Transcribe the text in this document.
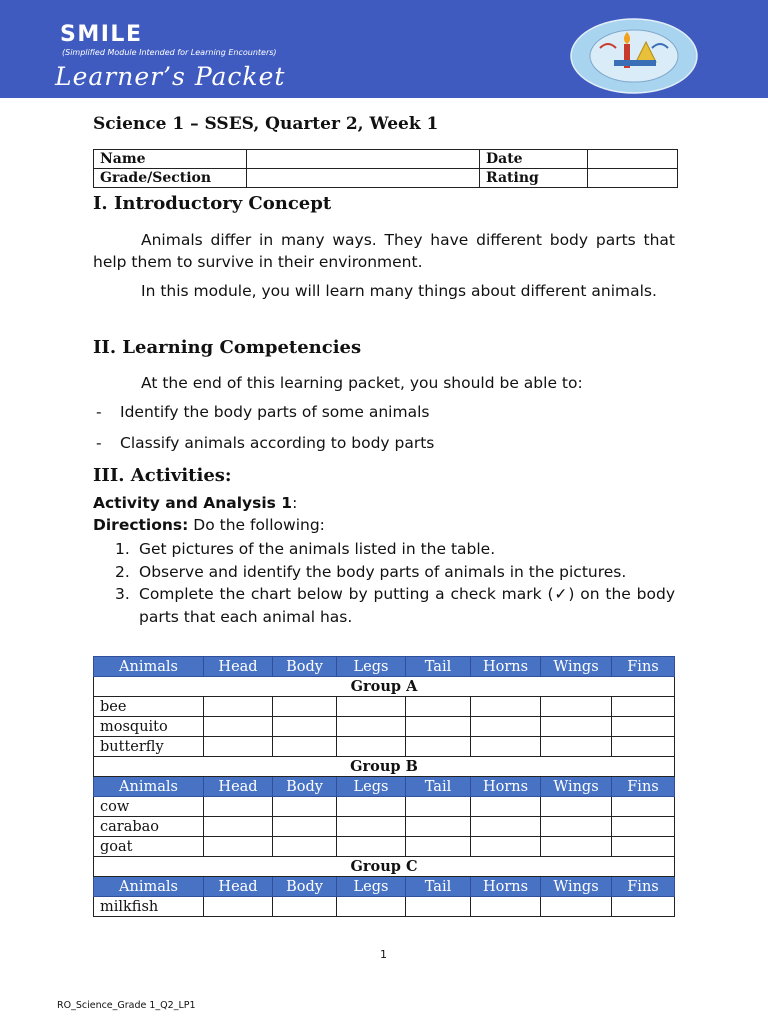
SMILE
(Simplified Module Intended for Learning Encounters)
Learner’s Packet
Science 1 – SSES, Quarter 2, Week 1
Name		Date	
Grade/Section		Rating	
I. Introductory Concept
Animals differ in many ways. They have different body parts that help them to survive in their environment.
In this module, you will learn many things about different animals.
II. Learning Competencies
At the end of this learning packet, you should be able to:
- Identify the body parts of some animals
- Classify animals according to body parts
III. Activities:
Activity and Analysis 1:
Directions: Do the following:
1. Get pictures of the animals listed in the table.
2. Observe and identify the body parts of animals in the pictures.
3. Complete the chart below by putting a check mark (✓) on the body parts that each animal has.
Animals	Head	Body	Legs	Tail	Horns	Wings	Fins
Group A							
bee							
mosquito							
butterfly							
Group B							
Animals	Head	Body	Legs	Tail	Horns	Wings	Fins
cow							
carabao							
goat							
Group C							
Animals	Head	Body	Legs	Tail	Horns	Wings	Fins
milkfish							
1
RO_Science_Grade 1_Q2_LP1
